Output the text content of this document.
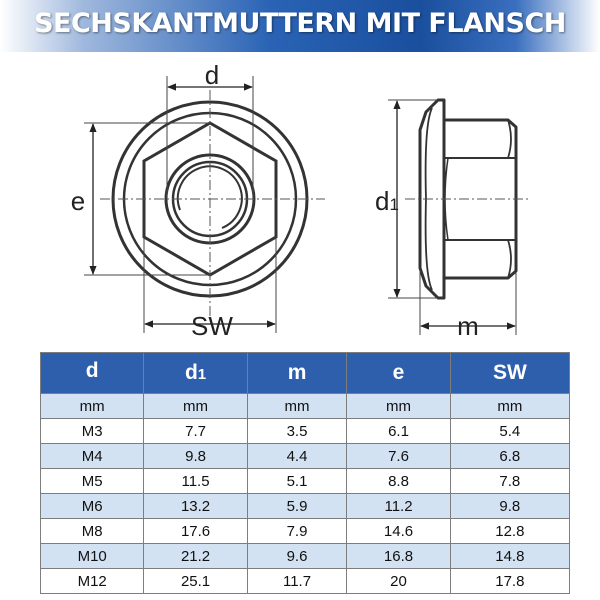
SECHSKANTMUTTERN MIT FLANSCH
d
e
SW
d1
m
d	d1	m	e	SW
mm	mm	mm	mm	mm
M3	7.7	3.5	6.1	5.4
M4	9.8	4.4	7.6	6.8
M5	11.5	5.1	8.8	7.8
M6	13.2	5.9	11.2	9.8
M8	17.6	7.9	14.6	12.8
M10	21.2	9.6	16.8	14.8
M12	25.1	11.7	20	17.8
